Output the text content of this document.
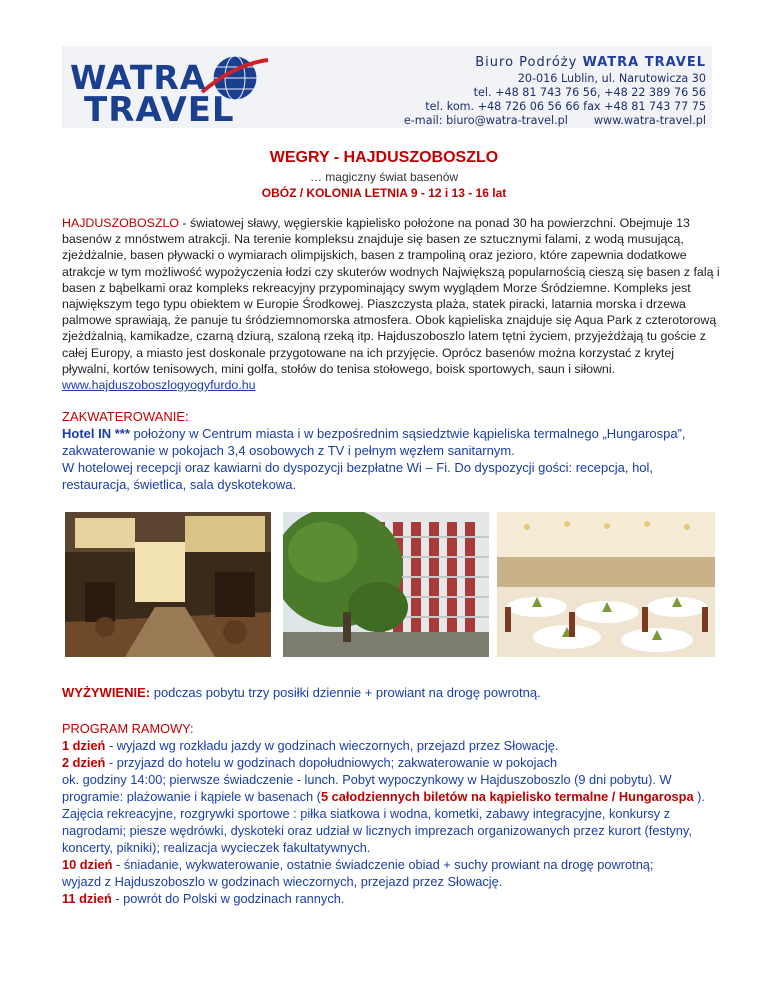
WATRA
TRAVEL
Biuro Podróży WATRA TRAVEL
20-016 Lublin, ul. Narutowicza 30
tel. +48 81 743 76 56, +48 22 389 76 56
tel. kom. +48 726 06 56 66 fax +48 81 743 77 75
e-mail: biuro@watra-travel.pl www.watra-travel.pl
WEGRY - HAJDUSZOBOSZLO
… magiczny świat basenów
OBÓZ / KOLONIA LETNIA 9 - 12 i 13 - 16 lat
HAJDUSZOBOSZLO - światowej sławy, węgierskie kąpielisko położone na ponad 30 ha powierzchni. Obejmuje 13 basenów z mnóstwem atrakcji. Na terenie kompleksu znajduje się basen ze sztucznymi falami, z wodą musującą, zjeżdżalnie, basen pływacki o wymiarach olimpijskich, basen z trampoliną oraz jezioro, które zapewnia dodatkowe atrakcje w tym możliwość wypożyczenia łodzi czy skuterów wodnych Największą popularnością cieszą się basen z falą i basen z bąbelkami oraz kompleks rekreacyjny przypominający swym wyglądem Morze Śródziemne. Kompleks jest największym tego typu obiektem w Europie Środkowej. Piaszczysta plaża, statek piracki, latarnia morska i drzewa palmowe sprawiają, że panuje tu śródziemnomorska atmosfera. Obok kąpieliska znajduje się Aqua Park z czterotorową zjeżdżalnią, kamikadze, czarną dziurą, szaloną rzeką itp. Hajduszoboszlo latem tętni życiem, przyjeżdżają tu goście z całej Europy, a miasto jest doskonale przygotowane na ich przyjęcie. Oprócz basenów można korzystać z krytej pływalni, kortów tenisowych, mini golfa, stołów do tenisa stołowego, boisk sportowych, saun i siłowni. www.hajduszoboszlogyogyfurdo.hu
ZAKWATEROWANIE:
Hotel IN *** położony w Centrum miasta i w bezpośrednim sąsiedztwie kąpieliska termalnego „Hungarospa”, zakwaterowanie w pokojach 3,4 osobowych z TV i pełnym węzłem sanitarnym.
W hotelowej recepcji oraz kawiarni do dyspozycji bezpłatne Wi – Fi. Do dyspozycji gości: recepcja, hol, restauracja, świetlica, sala dyskotekowa.
WYŻYWIENIE: podczas pobytu trzy posiłki dziennie + prowiant na drogę powrotną.
PROGRAM RAMOWY:
1 dzień - wyjazd wg rozkładu jazdy w godzinach wieczornych, przejazd przez Słowację.
2 dzień - przyjazd do hotelu w godzinach dopołudniowych; zakwaterowanie w pokojach
ok. godziny 14:00; pierwsze świadczenie - lunch. Pobyt wypoczynkowy w Hajduszoboszlo (9 dni pobytu). W programie: plażowanie i kąpiele w basenach (5 całodziennych biletów na kąpielisko termalne / Hungarospa ). Zajęcia rekreacyjne, rozgrywki sportowe : piłka siatkowa i wodna, kometki, zabawy integracyjne, konkursy z nagrodami; piesze wędrówki, dyskoteki oraz udział w licznych imprezach organizowanych przez kurort (festyny, koncerty, pikniki); realizacja wycieczek fakultatywnych.
10 dzień - śniadanie, wykwaterowanie, ostatnie świadczenie obiad + suchy prowiant na drogę powrotną;
wyjazd z Hajduszoboszlo w godzinach wieczornych, przejazd przez Słowację.
11 dzień - powrót do Polski w godzinach rannych.
